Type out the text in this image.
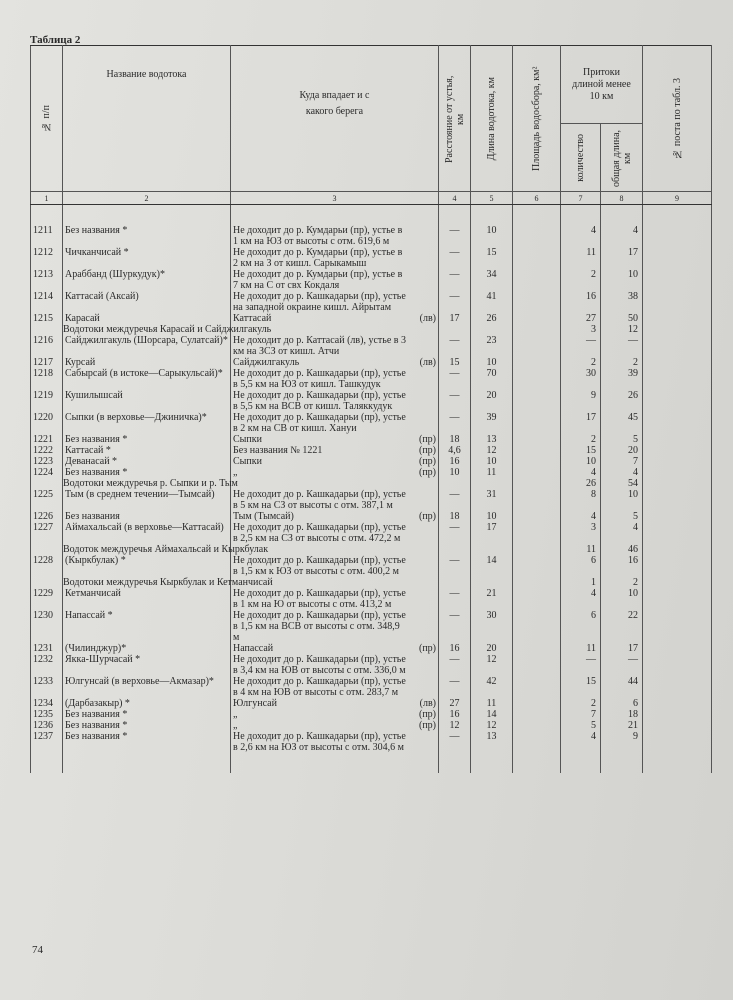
Таблица 2
№ п/п	Название водотока	Куда впадает и с какого берега		Расстояние от устья, км	Длина водотока, км	Площадь водосбора, км²	Притоки длиной менее 10 км		№ поста по табл. 3

							количество	общая длина, км	

1	2	3		4	5	6	7	8	9

1211	Без названия *	Не доходит до р. Кумдарьи (пр), устье в 1 км на ЮЗ от высоты с отм. 619,6 м		—	10		4	4	
1212	Чичканчисай *	Не доходит до р. Кумдарьи (пр), устье в 2 км на З от кишл. Сарыкамыш		—	15		11	17	
1213	Араббанд (Шуркудук)*	Не доходит до р. Кумдарьи (пр), устье в 7 км на С от свх Кокдаля		—	34		2	10	
1214	Каттасай (Аксай)	Не доходит до р. Кашкадарьи (пр), устье на западной окраине кишл. Айрытам		—	41		16	38	
1215	Карасай	Каттасай	(лв)	17	26		27	50	
	Водотоки междуречья Карасай и Сайджилгакуль						3	12	
1216	Сайджилгакуль (Шорсара, Сулатсай)*	Не доходит до р. Каттасай (лв), устье в 3 км на ЗСЗ от кишл. Атчи		—	23		—	—	
1217	Курсай	Сайджилгакуль	(лв)	15	10		2	2	
1218	Сабырсай (в истоке—Сарыкульсай)*	Не доходит до р. Кашкадарьи (пр), устье в 5,5 км на ЮЗ от кишл. Ташкудук		—	70		30	39	
1219	Кушилышсай	Не доходит до р. Кашкадарьи (пр), устье в 5,5 км на ВСВ от кишл. Таляккудук		—	20		9	26	
1220	Сыпки (в верховье—Джиничка)*	Не доходит до р. Кашкадарьи (пр), устье в 2 км на СВ от кишл. Хануи		—	39		17	45	
1221	Без названия *	Сыпки	(пр)	18	13		2	5	
1222	Каттасай *	Без названия № 1221	(пр)	4,6	12		15	20	
1223	Деванасай *	Сыпки	(пр)	16	10		10	7	
1224	Без названия *	„	(пр)	10	11		4	4	
	Водотоки междуречья р. Сыпки и р. Тым						26	54	
1225	Тым (в среднем течении—Тымсай)	Не доходит до р. Кашкадарьи (пр), устье в 5 км на СЗ от высоты с отм. 387,1 м		—	31		8	10	
1226	Без названия	Тым (Тымсай)	(пр)	18	10		4	5	
1227	Аймахальсай (в верховье—Каттасай)	Не доходит до р. Кашкадарьи (пр), устье в 2,5 км на СЗ от высоты с отм. 472,2 м		—	17		3	4	
	Водоток междуречья Аймахальсай и Кыркбулак						11	46	
1228	(Кыркбулак) *	Не доходит до р. Кашкадарьи (пр), устье в 1,5 км к ЮЗ от высоты с отм. 400,2 м		—	14		6	16	
	Водотоки междуречья Кыркбулак и Кетманчисай						1	2	
1229	Кетманчисай	Не доходит до р. Кашкадарьи (пр), устье в 1 км на Ю от высоты с отм. 413,2 м		—	21		4	10	
1230	Напассай *	Не доходит до р. Кашкадарьи (пр), устье в 1,5 км на ВСВ от высоты с отм. 348,9 м		—	30		6	22	
1231	(Чилинджур)*	Напассай	(пр)	16	20		11	17	
1232	Якка-Шурчасай *	Не доходит до р. Кашкадарьи (пр), устье в 3,4 км на ЮВ от высоты с отм. 336,0 м		—	12		—	—	
1233	Юлгунсай (в верховье—Акмазар)*	Не доходит до р. Кашкадарьи (пр), устье в 4 км на ЮВ от высоты с отм. 283,7 м		—	42		15	44	
1234	(Дарбазакыр) *	Юлгунсай	(лв)	27	11		2	6	
1235	Без названия *	„	(пр)	16	14		7	18	
1236	Без названия *	„	(пр)	12	12		5	21	
1237	Без названия *	Не доходит до р. Кашкадарьи (пр), устье в 2,6 км на ЮЗ от высоты с отм. 304,6 м		—	13		4	9	

74
